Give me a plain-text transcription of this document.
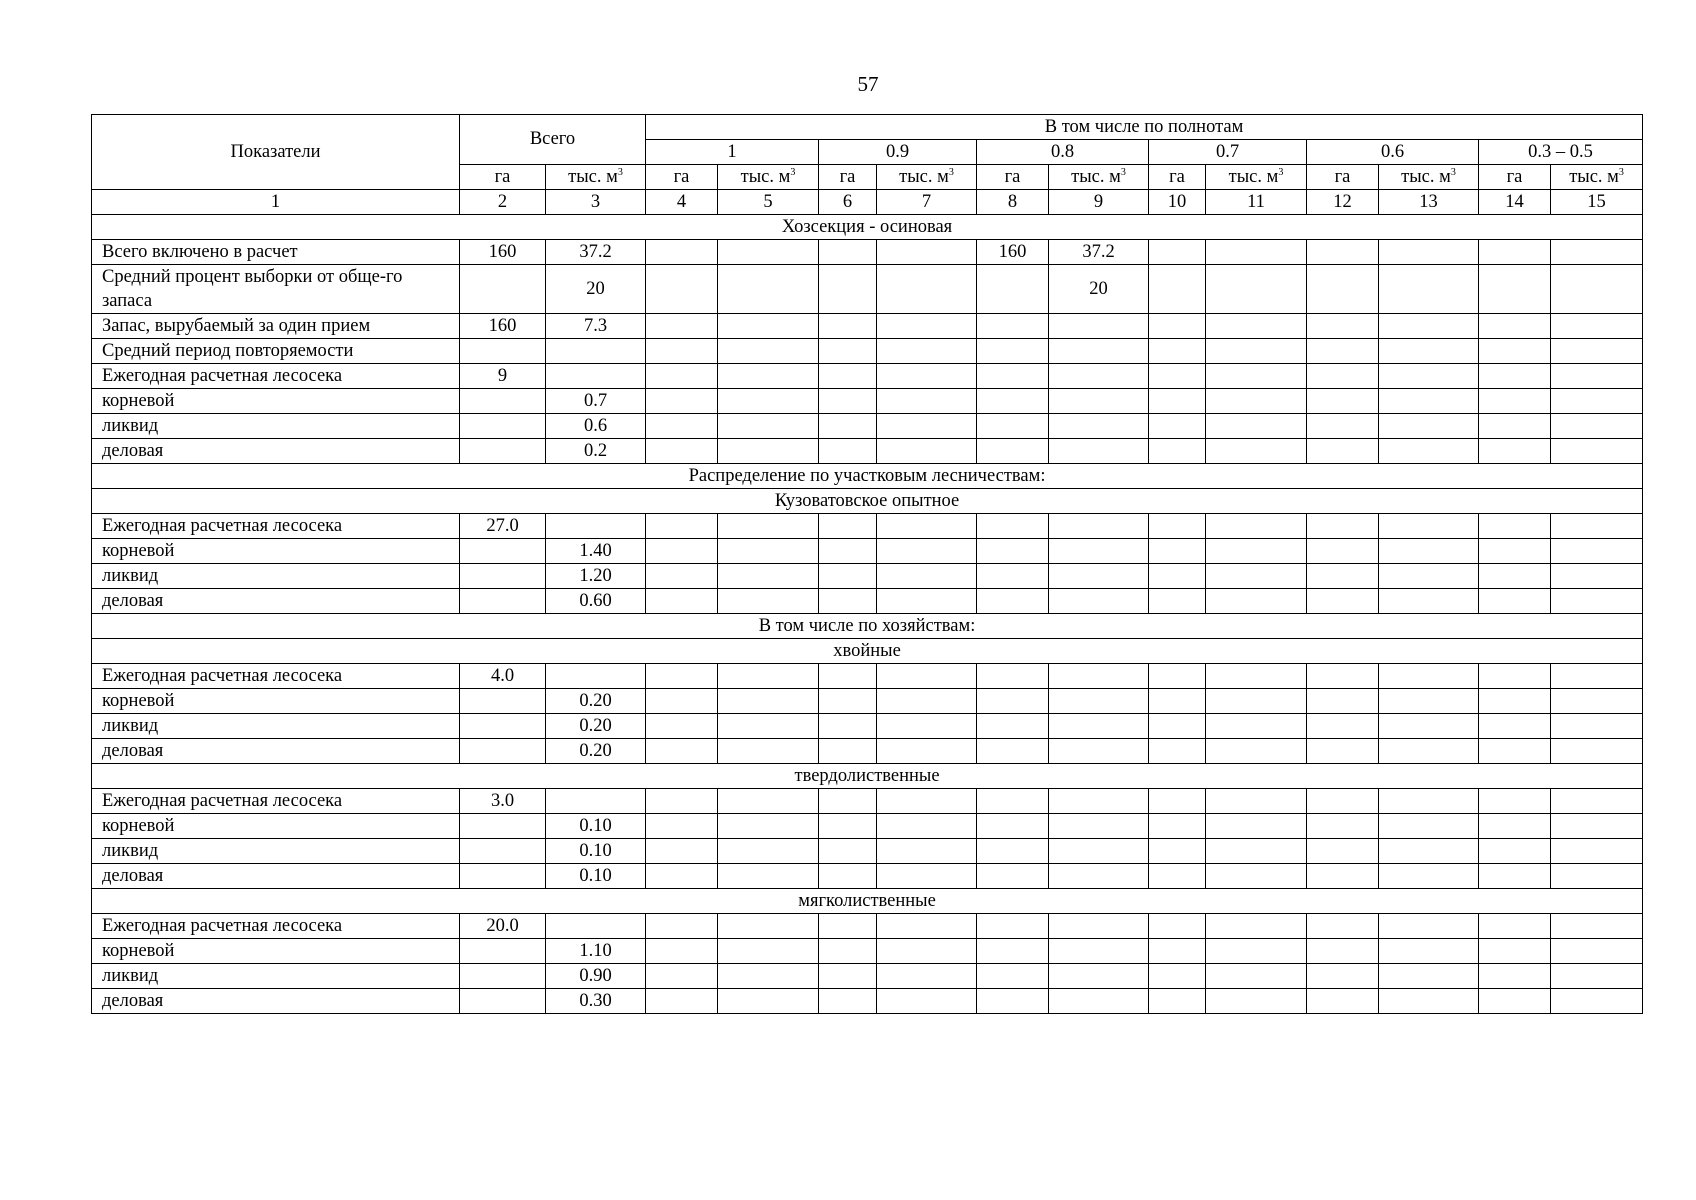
57
Показатели	Всего		В том числе по полнотам											
			1		0.9		0.8		0.7		0.6		0.3 – 0.5	
	га	тыс. $м^3$	га	тыс. $м^3$	га	тыс. $м^3$	га	тыс. $м^3$	га	тыс. $м^3$	га	тыс. $м^3$	га	тыс. $м^3$
1	2	3	4	5	6	7	8	9	10	11	12	13	14	15
Хозсекция - осиновая														
Всего включено в расчет	160	37.2					160	37.2						
Средний процент выборки от обще-го запаса		20						20						
Запас, вырубаемый за один прием	160	7.3												
Средний период повторяемости														
Ежегодная расчетная лесосека	9													
корневой		0.7												
ликвид		0.6												
деловая		0.2												
Распределение по участковым лесничествам:														
Кузоватовское опытное														
Ежегодная расчетная лесосека	27.0													
корневой		1.40												
ликвид		1.20												
деловая		0.60												
В том числе по хозяйствам:														
хвойные														
Ежегодная расчетная лесосека	4.0													
корневой		0.20												
ликвид		0.20												
деловая		0.20												
твердолиственные														
Ежегодная расчетная лесосека	3.0													
корневой		0.10												
ликвид		0.10												
деловая		0.10												
мягколиственные														
Ежегодная расчетная лесосека	20.0													
корневой		1.10												
ликвид		0.90												
деловая		0.30												
